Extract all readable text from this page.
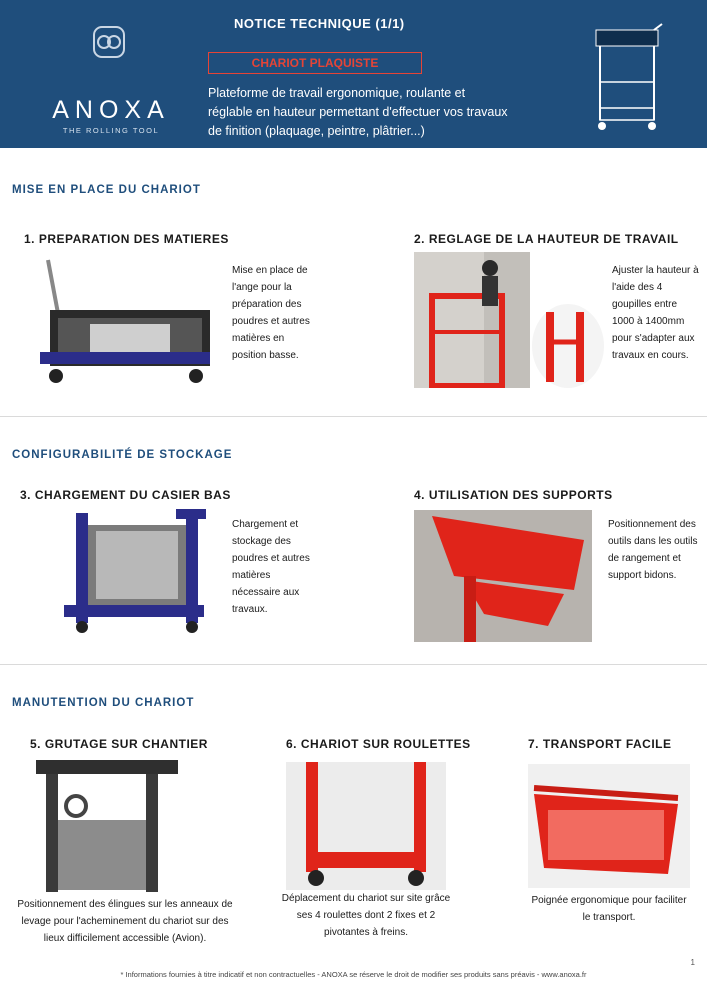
ANOXA
THE ROLLING TOOL
NOTICE TECHNIQUE (1/1)
CHARIOT PLAQUISTE
Plateforme de travail ergonomique, roulante et réglable en hauteur permettant d'effectuer vos travaux de finition (plaquage, peintre, plâtrier...)
MISE EN PLACE DU CHARIOT
1. PREPARATION DES MATIERES
Mise en place de l'ange pour la préparation des poudres et autres matières en position basse.
2. REGLAGE DE LA HAUTEUR DE TRAVAIL
Ajuster la hauteur à l'aide des 4 goupilles entre 1000 à 1400mm pour s'adapter aux travaux en cours.
CONFIGURABILITÉ DE STOCKAGE
3. CHARGEMENT DU CASIER BAS
Chargement et stockage des poudres et autres matières nécessaire aux travaux.
4. UTILISATION DES SUPPORTS
Positionnement des outils dans les outils de rangement et support bidons.
MANUTENTION DU CHARIOT
5. GRUTAGE SUR CHANTIER
Positionnement des élingues sur les anneaux de levage pour l'acheminement du chariot sur des lieux difficilement accessible (Avion).
6. CHARIOT SUR ROULETTES
Déplacement du chariot sur site grâce ses 4 roulettes dont 2 fixes et 2 pivotantes à freins.
7. TRANSPORT FACILE
Poignée ergonomique pour faciliter le transport.
1
* Informations fournies à titre indicatif et non contractuelles - ANOXA se réserve le droit de modifier ses produits sans préavis - www.anoxa.fr
